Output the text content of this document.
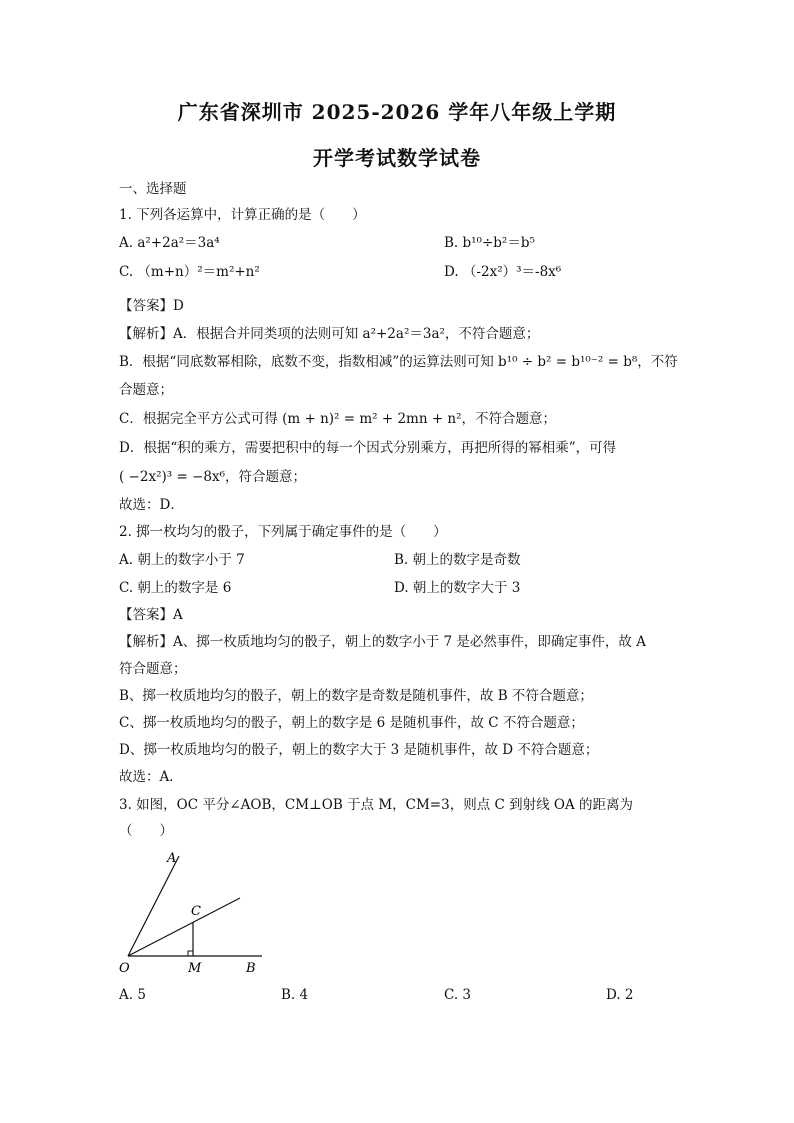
广东省深圳市 2025-2026 学年八年级上学期
开学考试数学试卷
一、选择题
1. 下列各运算中，计算正确的是（　　）
A. a²+2a²＝3a⁴	B. b¹⁰÷b²＝b⁵
C. （m+n）²＝m²+n²	D. （-2x²）³＝-8x⁶
【答案】D
【解析】A．根据合并同类项的法则可知 a²+2a²＝3a²，不符合题意；
B．根据“同底数幂相除，底数不变，指数相减”的运算法则可知 b¹⁰ ÷ b² = b¹⁰⁻² = b⁸，不符
合题意；
C．根据完全平方公式可得 (m + n)² = m² + 2mn + n²，不符合题意；
D．根据“积的乘方，需要把积中的每一个因式分别乘方，再把所得的幂相乘”，可得
( −2x²)³ = −8x⁶，符合题意；
故选：D．
2. 掷一枚均匀的骰子，下列属于确定事件的是（　　）
A. 朝上的数字小于 7	B. 朝上的数字是奇数
C. 朝上的数字是 6	D. 朝上的数字大于 3
【答案】A
【解析】A、掷一枚质地均匀的骰子，朝上的数字小于 7 是必然事件，即确定事件，故 A
符合题意；
B、掷一枚质地均匀的骰子，朝上的数字是奇数是随机事件，故 B 不符合题意；
C、掷一枚质地均匀的骰子，朝上的数字是 6 是随机事件，故 C 不符合题意；
D、掷一枚质地均匀的骰子，朝上的数字大于 3 是随机事件，故 D 不符合题意；
故选：A．
3. 如图，OC 平分∠AOB，CM⊥OB 于点 M，CM=3，则点 C 到射线 OA 的距离为
（　　）
A
C
O	M	B
A. 5	B. 4	C. 3	D. 2
